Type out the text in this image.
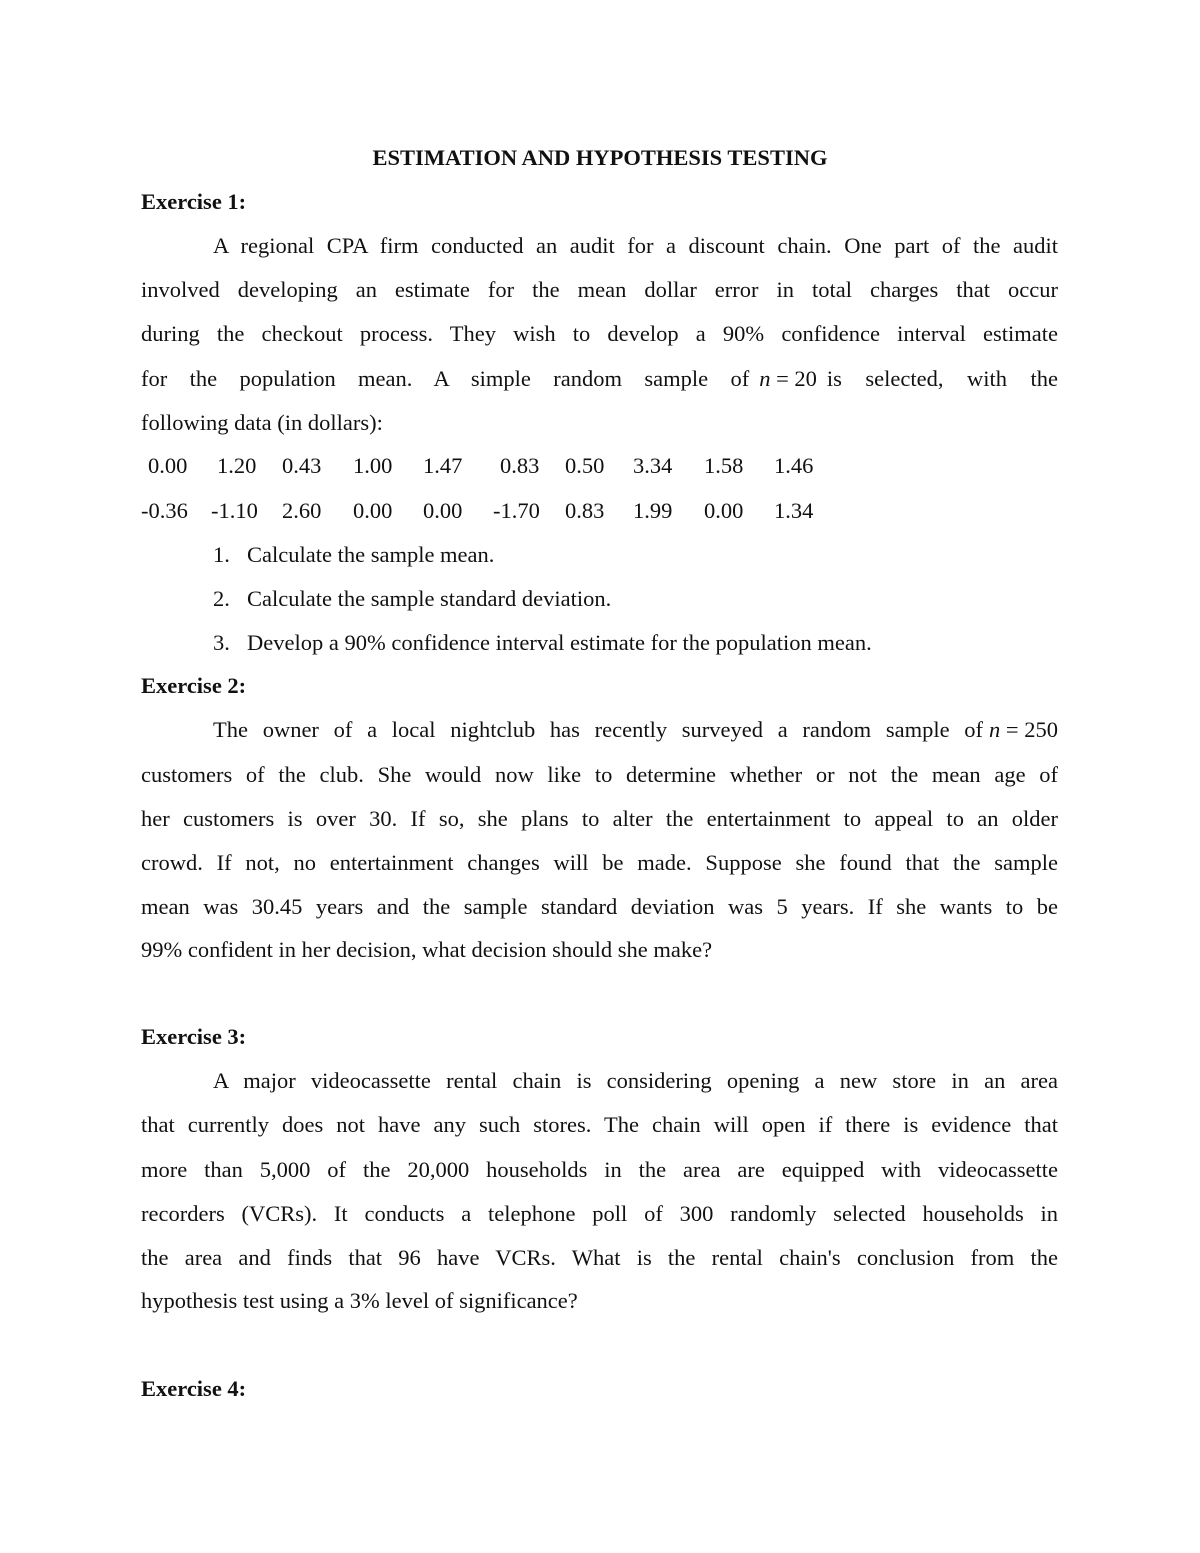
ESTIMATION AND HYPOTHESIS TESTING
Exercise 1:
A regional CPA firm conducted an audit for a discount chain. One part of the audit
involved developing an estimate for the mean dollar error in total charges that occur
during the checkout process. They wish to develop a 90% confidence interval estimate
for the population mean. A simple random sample of n = 20 is selected, with the
following data (in dollars):
0.00 1.20 0.43 1.00 1.47 0.83 0.50 3.34 1.58 1.46
-0.36 -1.10 2.60 0.00 0.00 -1.70 0.83 1.99 0.00 1.34
1. Calculate the sample mean.
2. Calculate the sample standard deviation.
3. Develop a 90% confidence interval estimate for the population mean.
Exercise 2:
The owner of a local nightclub has recently surveyed a random sample of n = 250
customers of the club. She would now like to determine whether or not the mean age of
her customers is over 30. If so, she plans to alter the entertainment to appeal to an older
crowd. If not, no entertainment changes will be made. Suppose she found that the sample
mean was 30.45 years and the sample standard deviation was 5 years. If she wants to be
99% confident in her decision, what decision should she make?
Exercise 3:
A major videocassette rental chain is considering opening a new store in an area
that currently does not have any such stores. The chain will open if there is evidence that
more than 5,000 of the 20,000 households in the area are equipped with videocassette
recorders (VCRs). It conducts a telephone poll of 300 randomly selected households in
the area and finds that 96 have VCRs. What is the rental chain's conclusion from the
hypothesis test using a 3% level of significance?
Exercise 4:
